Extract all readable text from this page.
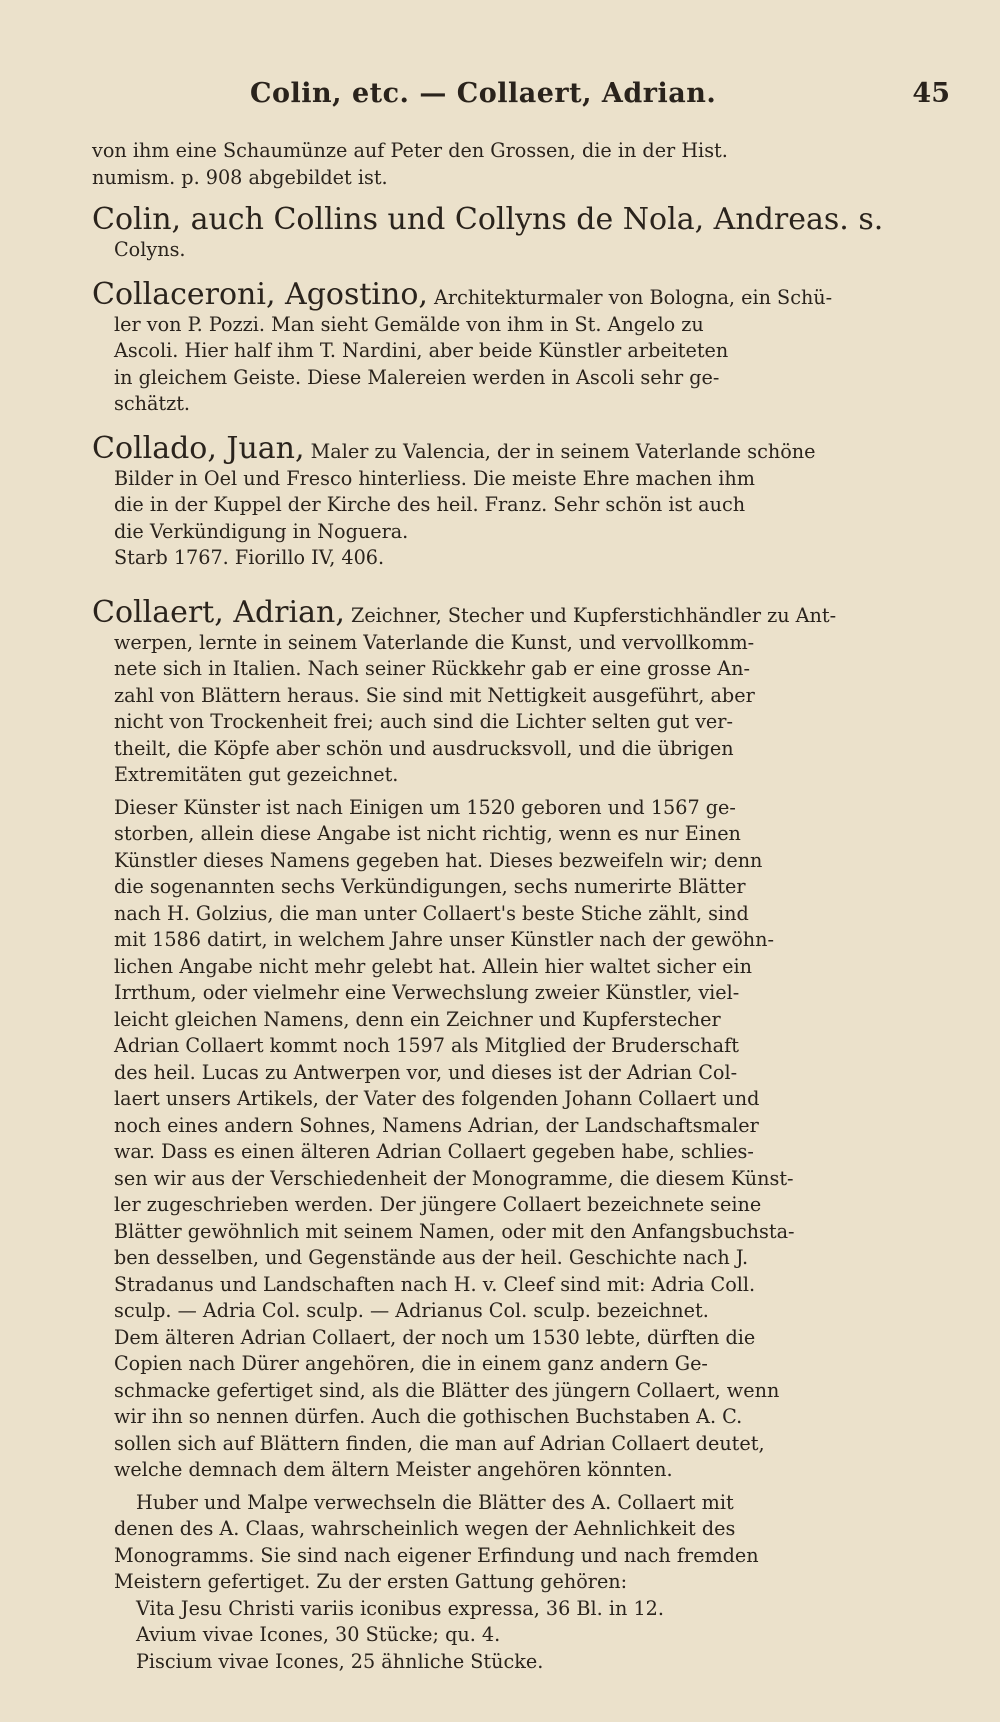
Colin, etc. — Collaert, Adrian.	45

von ihm eine Schaumünze auf Peter den Grossen, die in der Hist.

numism. p. 908 abgebildet ist.

Colin, auch Collins und Collyns de Nola, Andreas. s.

Colyns.

Collaceroni, Agostino, Architekturmaler von Bologna, ein Schü-

ler von P. Pozzi. Man sieht Gemälde von ihm in St. Angelo zu

Ascoli. Hier half ihm T. Nardini, aber beide Künstler arbeiteten

in gleichem Geiste. Diese Malereien werden in Ascoli sehr ge-

schätzt.

Collado, Juan, Maler zu Valencia, der in seinem Vaterlande schöne

Bilder in Oel und Fresco hinterliess. Die meiste Ehre machen ihm

die in der Kuppel der Kirche des heil. Franz. Sehr schön ist auch

die Verkündigung in Noguera.

Starb 1767. Fiorillo IV, 406.

Collaert, Adrian, Zeichner, Stecher und Kupferstichhändler zu Ant-

werpen, lernte in seinem Vaterlande die Kunst, und vervollkomm-

nete sich in Italien. Nach seiner Rückkehr gab er eine grosse An-

zahl von Blättern heraus. Sie sind mit Nettigkeit ausgeführt, aber

nicht von Trockenheit frei; auch sind die Lichter selten gut ver-

theilt, die Köpfe aber schön und ausdrucksvoll, und die übrigen

Extremitäten gut gezeichnet.

Dieser Künster ist nach Einigen um 1520 geboren und 1567 ge-

storben, allein diese Angabe ist nicht richtig, wenn es nur Einen

Künstler dieses Namens gegeben hat. Dieses bezweifeln wir; denn

die sogenannten sechs Verkündigungen, sechs numerirte Blätter

nach H. Golzius, die man unter Collaert's beste Stiche zählt, sind

mit 1586 datirt, in welchem Jahre unser Künstler nach der gewöhn-

lichen Angabe nicht mehr gelebt hat. Allein hier waltet sicher ein

Irrthum, oder vielmehr eine Verwechslung zweier Künstler, viel-

leicht gleichen Namens, denn ein Zeichner und Kupferstecher

Adrian Collaert kommt noch 1597 als Mitglied der Bruderschaft

des heil. Lucas zu Antwerpen vor, und dieses ist der Adrian Col-

laert unsers Artikels, der Vater des folgenden Johann Collaert und

noch eines andern Sohnes, Namens Adrian, der Landschaftsmaler

war. Dass es einen älteren Adrian Collaert gegeben habe, schlies-

sen wir aus der Verschiedenheit der Monogramme, die diesem Künst-

ler zugeschrieben werden. Der jüngere Collaert bezeichnete seine

Blätter gewöhnlich mit seinem Namen, oder mit den Anfangsbuchsta-

ben desselben, und Gegenstände aus der heil. Geschichte nach J.

Stradanus und Landschaften nach H. v. Cleef sind mit: Adria Coll.

sculp. — Adria Col. sculp. — Adrianus Col. sculp. bezeichnet.

Dem älteren Adrian Collaert, der noch um 1530 lebte, dürften die

Copien nach Dürer angehören, die in einem ganz andern Ge-

schmacke gefertiget sind, als die Blätter des jüngern Collaert, wenn

wir ihn so nennen dürfen. Auch die gothischen Buchstaben A. C.

sollen sich auf Blättern finden, die man auf Adrian Collaert deutet,

welche demnach dem ältern Meister angehören könnten.

Huber und Malpe verwechseln die Blätter des A. Collaert mit

denen des A. Claas, wahrscheinlich wegen der Aehnlichkeit des

Monogramms. Sie sind nach eigener Erfindung und nach fremden

Meistern gefertiget. Zu der ersten Gattung gehören:

Vita Jesu Christi variis iconibus expressa, 36 Bl. in 12.

Avium vivae Icones, 30 Stücke; qu. 4.

Piscium vivae Icones, 25 ähnliche Stücke.
